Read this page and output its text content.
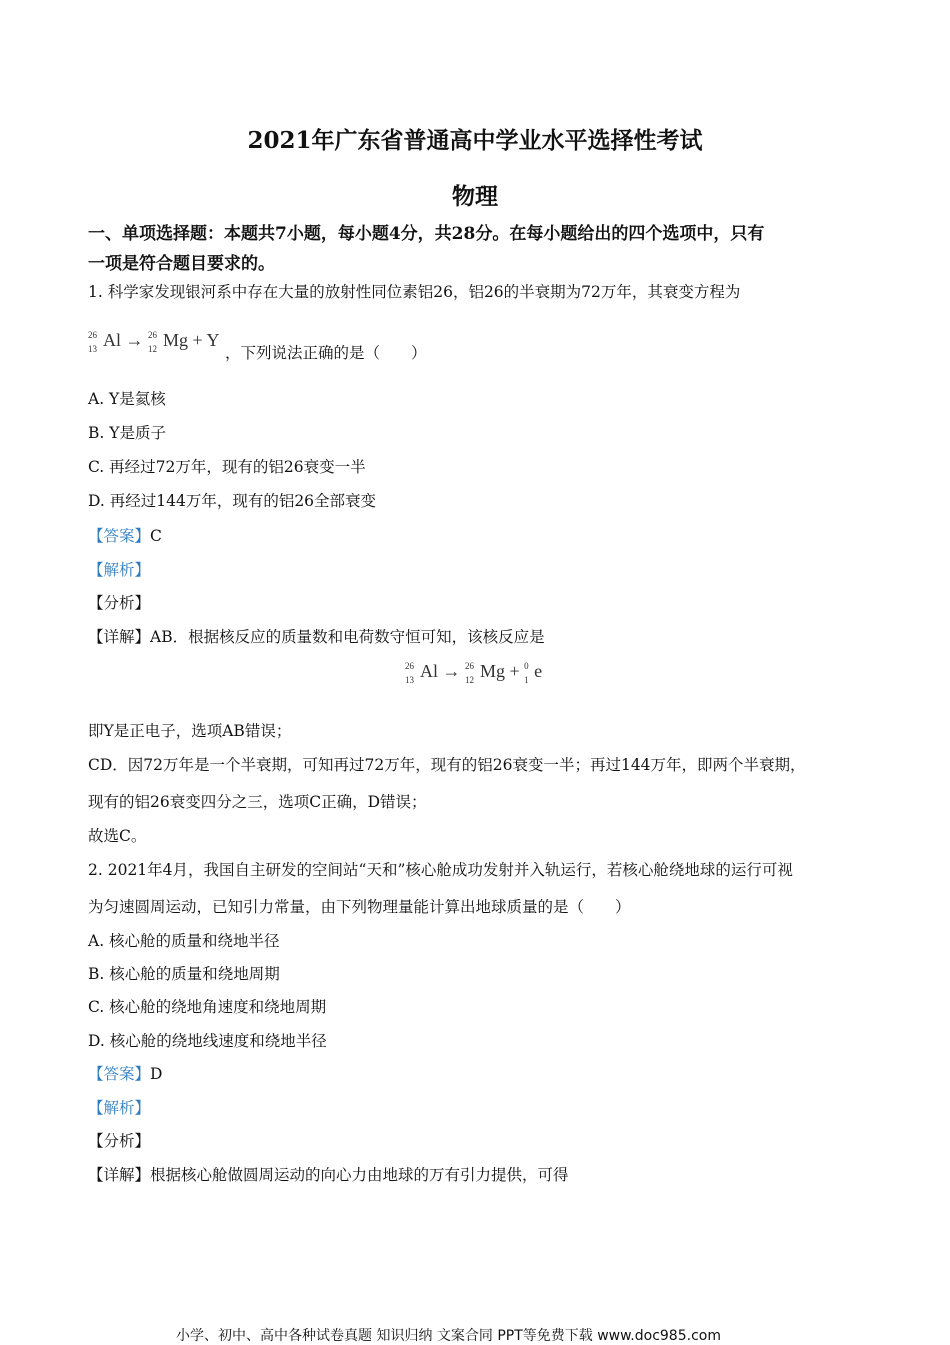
2021年广东省普通高中学业水平选择性考试
物理
一、单项选择题：本题共7小题，每小题4分，共28分。在每小题给出的四个选项中，只有
一项是符合题目要求的。
1. 科学家发现银河系中存在大量的放射性同位素铝26，铝26的半衰期为72万年，其衰变方程为
26
13 Al → 26
12 Mg + Y
，下列说法正确的是（　　）
A. Y是氦核
B. Y是质子
C. 再经过72万年，现有的铝26衰变一半
D. 再经过144万年，现有的铝26全部衰变
【答案】C
【解析】
【分析】
【详解】AB．根据核反应的质量数和电荷数守恒可知，该核反应是
26
13 Al → 26
12 Mg + 0
1 e
即Y是正电子，选项AB错误；
CD．因72万年是一个半衰期，可知再过72万年，现有的铝26衰变一半；再过144万年，即两个半衰期，
现有的铝26衰变四分之三，选项C正确，D错误；
故选C。
2. 2021年4月，我国自主研发的空间站“天和”核心舱成功发射并入轨运行，若核心舱绕地球的运行可视
为匀速圆周运动，已知引力常量，由下列物理量能计算出地球质量的是（　　）
A. 核心舱的质量和绕地半径
B. 核心舱的质量和绕地周期
C. 核心舱的绕地角速度和绕地周期
D. 核心舱的绕地线速度和绕地半径
【答案】D
【解析】
【分析】
【详解】根据核心舱做圆周运动的向心力由地球的万有引力提供，可得
小学、初中、高中各种试卷真题 知识归纳 文案合同 PPT等免费下载 www.doc985.com
